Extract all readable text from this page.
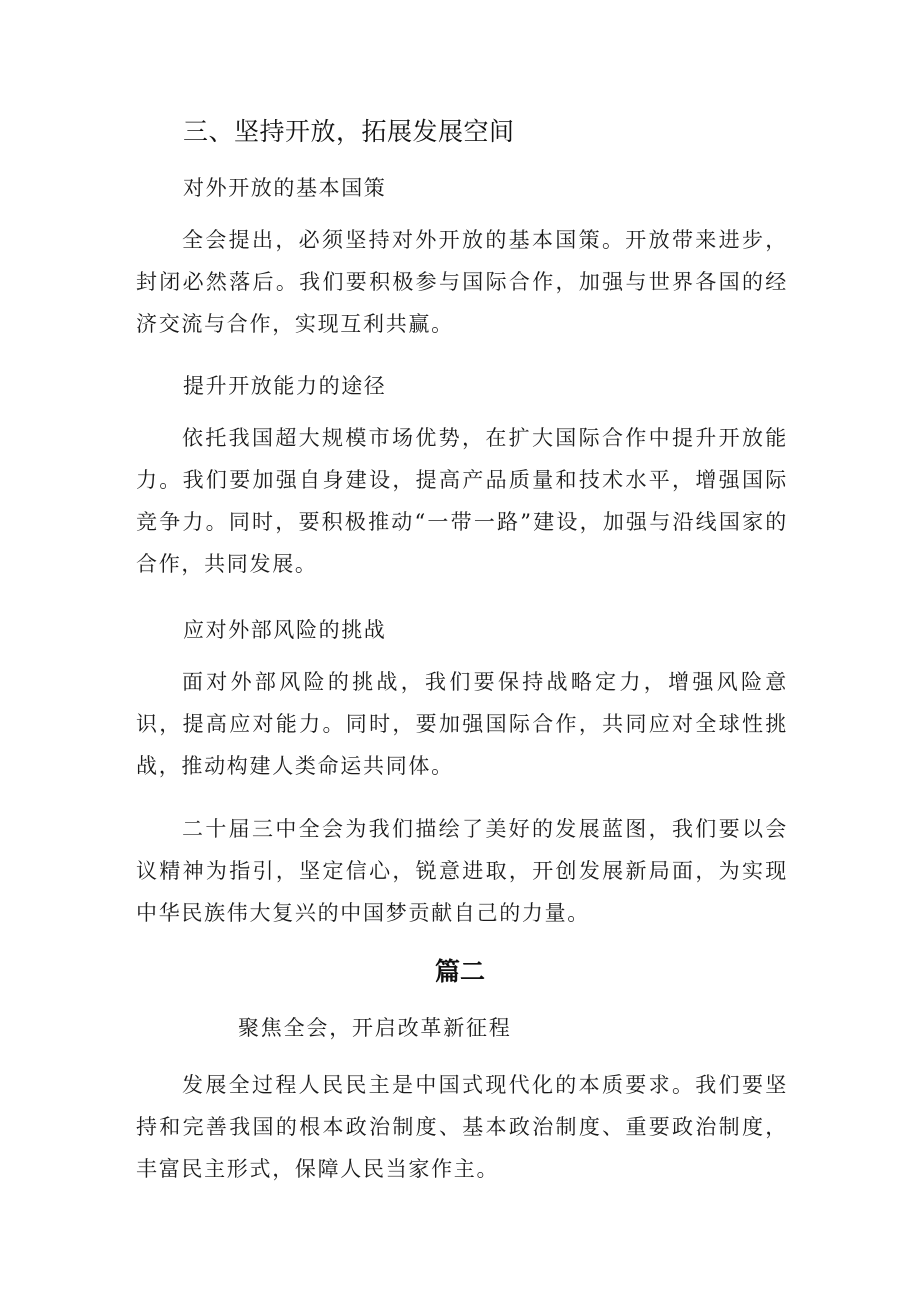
三、坚持开放，拓展发展空间
对外开放的基本国策
全会提出，必须坚持对外开放的基本国策。开放带来进步，封闭必然落后。我们要积极参与国际合作，加强与世界各国的经济交流与合作，实现互利共赢。
提升开放能力的途径
依托我国超大规模市场优势，在扩大国际合作中提升开放能力。我们要加强自身建设，提高产品质量和技术水平，增强国际竞争力。同时，要积极推动“一带一路”建设，加强与沿线国家的合作，共同发展。
应对外部风险的挑战
面对外部风险的挑战，我们要保持战略定力，增强风险意识，提高应对能力。同时，要加强国际合作，共同应对全球性挑战，推动构建人类命运共同体。
二十届三中全会为我们描绘了美好的发展蓝图，我们要以会议精神为指引，坚定信心，锐意进取，开创发展新局面，为实现中华民族伟大复兴的中国梦贡献自己的力量。
篇二
聚焦全会，开启改革新征程
发展全过程人民民主是中国式现代化的本质要求。我们要坚持和完善我国的根本政治制度、基本政治制度、重要政治制度，丰富民主形式，保障人民当家作主。
